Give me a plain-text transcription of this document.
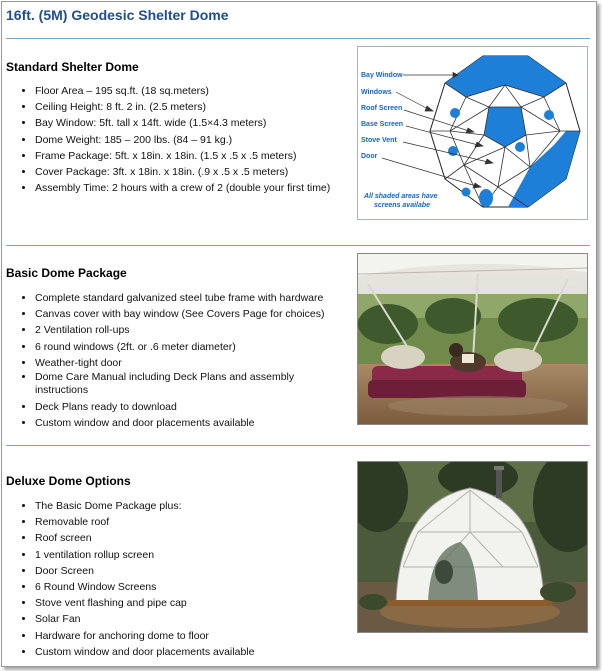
16ft. (5M) Geodesic Shelter Dome
Standard Shelter Dome
• Floor Area – 195 sq.ft. (18 sq.meters)
• Ceiling Height: 8 ft. 2 in. (2.5 meters)
• Bay Window: 5ft. tall x 14ft. wide (1.5×4.3 meters)
• Dome Weight: 185 – 200 lbs. (84 – 91 kg.)
• Frame Package: 5ft. x 18in. x 18in. (1.5 x .5 x .5 meters)
• Cover Package: 3ft. x 18in. x 18in. (.9 x .5 x .5 meters)
• Assembly Time: 2 hours with a crew of 2 (double your first time)
Bay Window
Windows
Roof Screen
Base Screen
Stove Vent
Door
All shaded areas have
screens availabe
Basic Dome Package
• Complete standard galvanized steel tube frame with hardware
• Canvas cover with bay window (See Covers Page for choices)
• 2 Ventilation roll-ups
• 6 round windows (2ft. or .6 meter diameter)
• Weather-tight door
• Dome Care Manual including Deck Plans and assembly instructions
• Deck Plans ready to download
• Custom window and door placements available
Deluxe Dome Options
• The Basic Dome Package plus:
• Removable roof
• Roof screen
• 1 ventilation rollup screen
• Door Screen
• 6 Round Window Screens
• Stove vent flashing and pipe cap
• Solar Fan
• Hardware for anchoring dome to floor
• Custom window and door placements available
